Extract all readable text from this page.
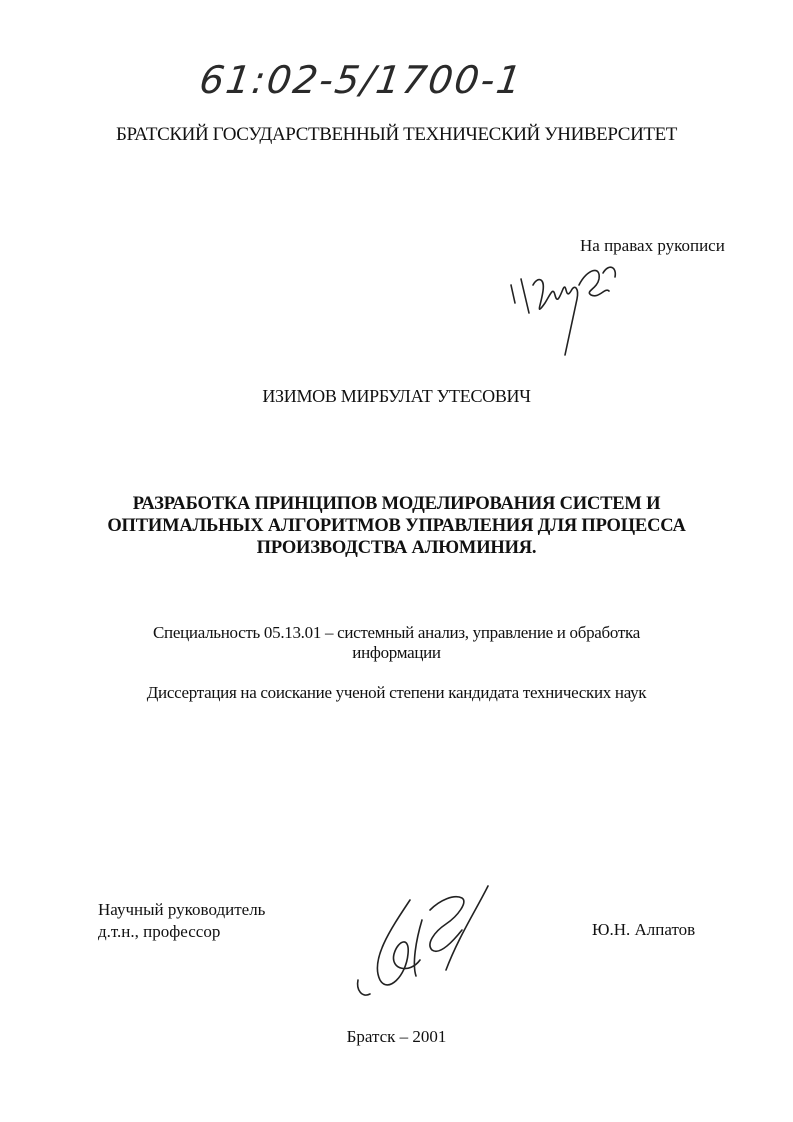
61:02-5/1700-1
БРАТСКИЙ ГОСУДАРСТВЕННЫЙ ТЕХНИЧЕСКИЙ УНИВЕРСИТЕТ
На правах рукописи
ИЗИМОВ МИРБУЛАТ УТЕСОВИЧ
РАЗРАБОТКА ПРИНЦИПОВ МОДЕЛИРОВАНИЯ СИСТЕМ И
ОПТИМАЛЬНЫХ АЛГОРИТМОВ УПРАВЛЕНИЯ ДЛЯ ПРОЦЕССА
ПРОИЗВОДСТВА АЛЮМИНИЯ.
Специальность 05.13.01 – системный анализ, управление и обработка информации
Диссертация на соискание ученой степени кандидата технических наук
Научный руководитель
д.т.н., профессор	Ю.Н. Алпатов
Братск – 2001
